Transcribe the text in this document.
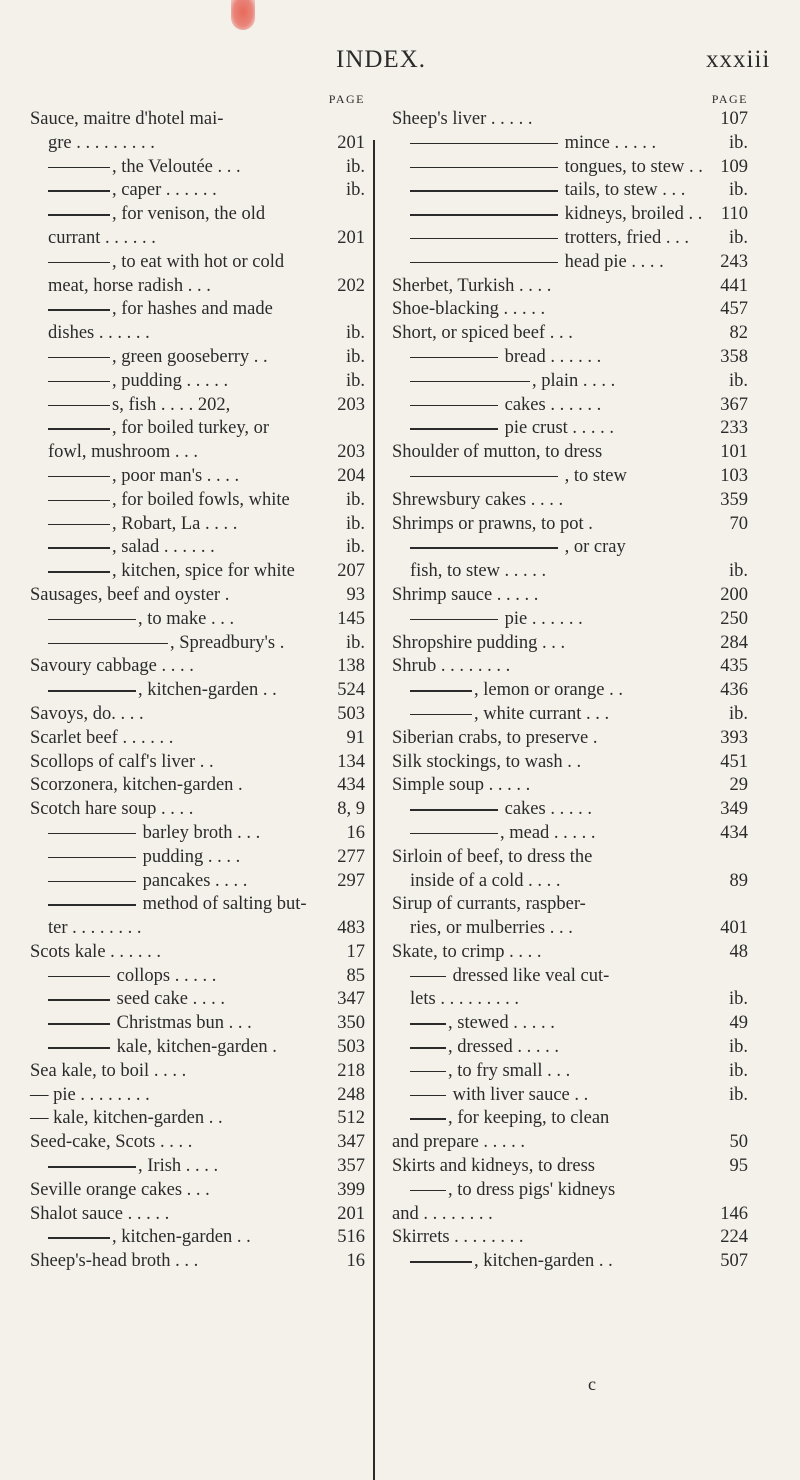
INDEX.	xxxiii
PAGE
Sauce, maitre d'hotel mai-
gre . . . . . . . . .	201
, the Veloutée . . .	ib.
, caper . . . . . .	ib.
, for venison, the old
currant . . . . . .	201
, to eat with hot or cold
meat, horse radish . . .	202
, for hashes and made
dishes . . . . . .	ib.
, green gooseberry . .	ib.
, pudding . . . . .	ib.
s, fish . . . . 202,	203
, for boiled turkey, or
fowl, mushroom . . .	203
, poor man's . . . .	204
, for boiled fowls, white	ib.
, Robart, La . . . .	ib.
, salad . . . . . .	ib.
, kitchen, spice for white 207
Sausages, beef and oyster .	93
, to make . . .	145
, Spreadbury's .	ib.
Savoury cabbage . . . .	138
, kitchen-garden . .	524
Savoys, do. . . .	503
Scarlet beef . . . . . .	91
Scollops of calf's liver . .	134
Scorzonera, kitchen-garden .	434
Scotch hare soup . . . .	8, 9
barley broth . . .	16
pudding . . . .	277
pancakes . . . .	297
method of salting but-
ter . . . . . . . .	483
Scots kale . . . . . .	17
collops . . . . .	85
seed cake . . . .	347
Christmas bun . . .	350
kale, kitchen-garden .	503
Sea kale, to boil . . . .	218
— pie . . . . . . . .	248
— kale, kitchen-garden . .	512
Seed-cake, Scots . . . .	347
, Irish . . . .	357
Seville orange cakes . . .	399
Shalot sauce . . . . .	201
, kitchen-garden . .	516
Sheep's-head broth . . .	16
PAGE
Sheep's liver . . . . .	107
mince . . . . .	ib.
tongues, to stew . . 109
tails, to stew . . . ib.
kidneys, broiled . . 110
trotters, fried . . . ib.
head pie . . . .	243
Sherbet, Turkish . . . .	441
Shoe-blacking . . . . .	457
Short, or spiced beef . . .	82
bread . . . . . .	358
, plain . . . .	ib.
cakes . . . . . .	367
pie crust . . . . .	233
Shoulder of mutton, to dress	101
, to stew	103
Shrewsbury cakes . . . .	359
Shrimps or prawns, to pot .	70
, or cray
fish, to stew . . . . .	ib.
Shrimp sauce . . . . .	200
pie . . . . . .	250
Shropshire pudding . . .	284
Shrub . . . . . . . .	435
, lemon or orange . .	436
, white currant . . .	ib.
Siberian crabs, to preserve .	393
Silk stockings, to wash . .	451
Simple soup . . . . .	29
cakes . . . . .	349
, mead . . . . .	434
Sirloin of beef, to dress the
inside of a cold . . . .	89
Sirup of currants, raspber-
ries, or mulberries . . .	401
Skate, to crimp . . . .	48
dressed like veal cut-
lets . . . . . . . . .	ib.
, stewed . . . . .	49
, dressed . . . . .	ib.
, to fry small . . .	ib.
with liver sauce . .	ib.
, for keeping, to clean
and prepare . . . . .	50
Skirts and kidneys, to dress	95
, to dress pigs' kidneys
and . . . . . . . .	146
Skirrets . . . . . . . .	224
, kitchen-garden . .	507
c
